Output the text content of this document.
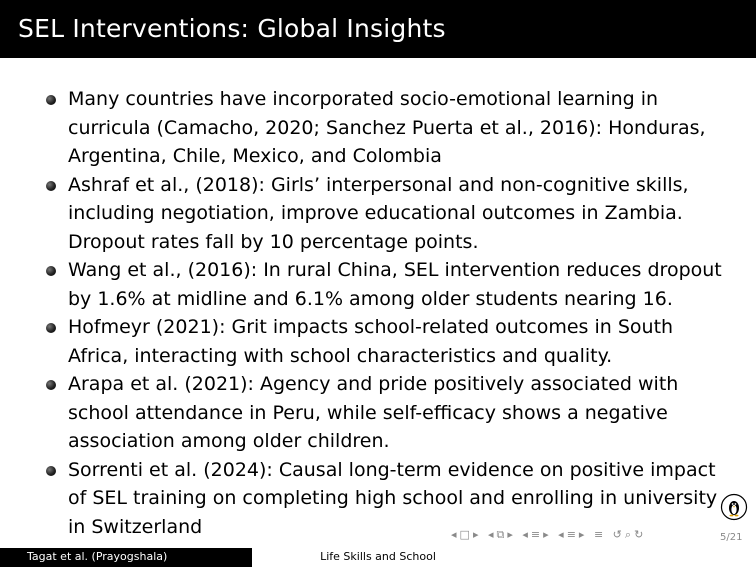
SEL Interventions: Global Insights
Many countries have incorporated socio-emotional learning in curricula (Camacho, 2020; Sanchez Puerta et al., 2016): Honduras, Argentina, Chile, Mexico, and Colombia
Ashraf et al., (2018): Girls’ interpersonal and non-cognitive skills, including negotiation, improve educational outcomes in Zambia. Dropout rates fall by 10 percentage points.
Wang et al., (2016): In rural China, SEL intervention reduces dropout by 1.6% at midline and 6.1% among older students nearing 16.
Hofmeyr (2021): Grit impacts school-related outcomes in South Africa, interacting with school characteristics and quality.
Arapa et al. (2021): Agency and pride positively associated with school attendance in Peru, while self-efficacy shows a negative association among older children.
Sorrenti et al. (2024): Causal long-term evidence on positive impact of SEL training on completing high school and enrolling in university in Switzerland	◂□▸ ◂⧉▸ ◂≡▸ ◂≡▸ ≡ ↺⌕↻	5/21
Tagat et al. (Prayogshala)	Life Skills and School
